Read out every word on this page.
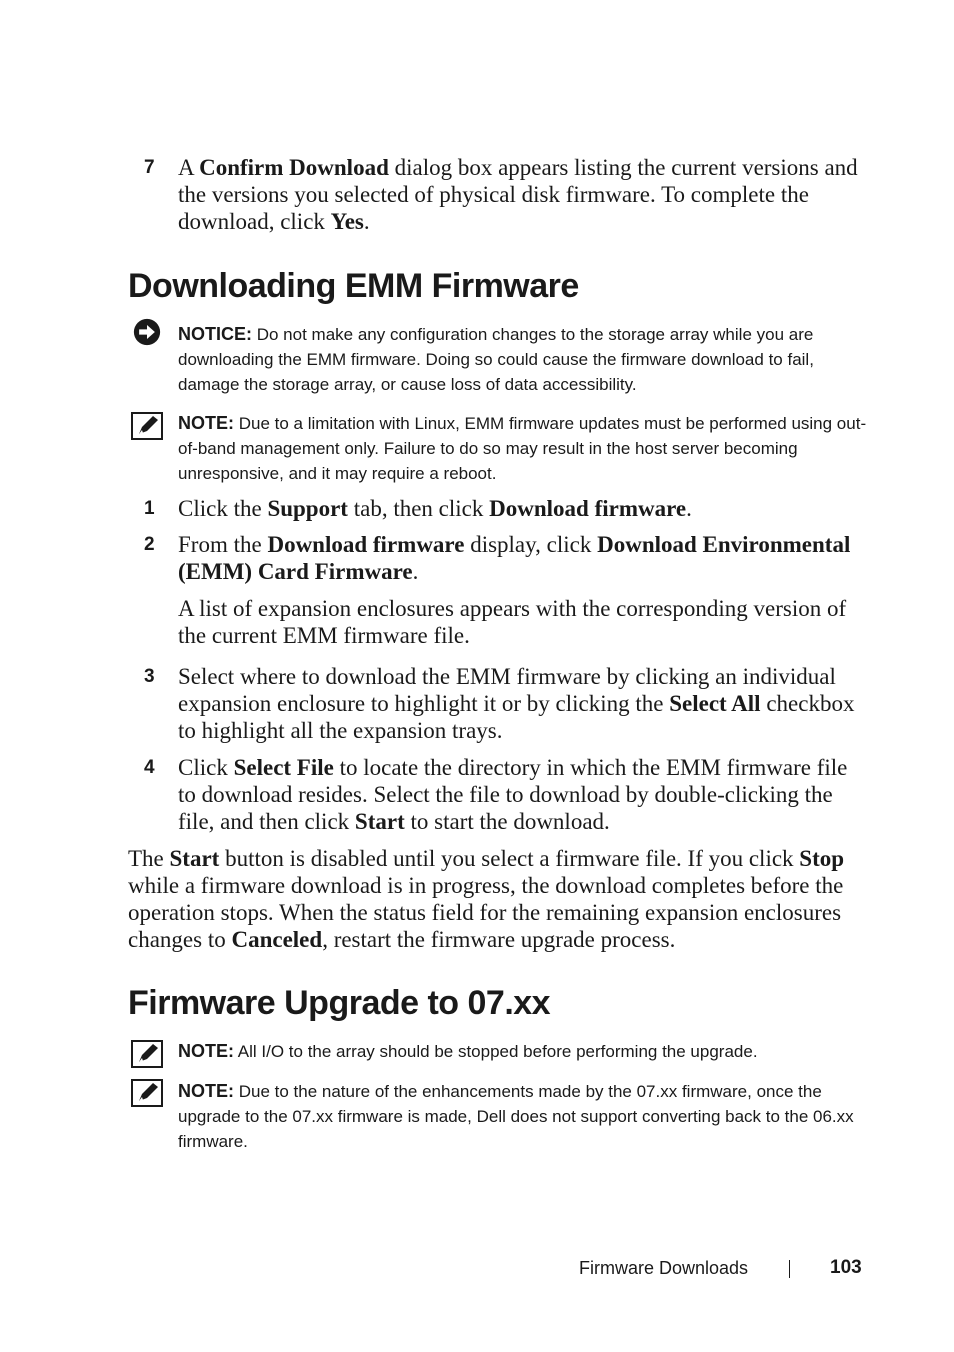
7	A Confirm Download dialog box appears listing the current versions and the versions you selected of physical disk firmware. To complete the download, click Yes.
Downloading EMM Firmware
NOTICE: Do not make any configuration changes to the storage array while you are downloading the EMM firmware. Doing so could cause the firmware download to fail, damage the storage array, or cause loss of data accessibility.
NOTE: Due to a limitation with Linux, EMM firmware updates must be performed using out-of-band management only. Failure to do so may result in the host server becoming unresponsive, and it may require a reboot.
1	Click the Support tab, then click Download firmware.
2	From the Download firmware display, click Download Environmental (EMM) Card Firmware.
A list of expansion enclosures appears with the corresponding version of the current EMM firmware file.
3	Select where to download the EMM firmware by clicking an individual expansion enclosure to highlight it or by clicking the Select All checkbox to highlight all the expansion trays.
4	Click Select File to locate the directory in which the EMM firmware file to download resides. Select the file to download by double-clicking the file, and then click Start to start the download.
The Start button is disabled until you select a firmware file. If you click Stop while a firmware download is in progress, the download completes before the operation stops. When the status field for the remaining expansion enclosures changes to Canceled, restart the firmware upgrade process.
Firmware Upgrade to 07.xx
NOTE: All I/O to the array should be stopped before performing the upgrade.
NOTE: Due to the nature of the enhancements made by the 07.xx firmware, once the upgrade to the 07.xx firmware is made, Dell does not support converting back to the 06.xx firmware.
Firmware Downloads	103
